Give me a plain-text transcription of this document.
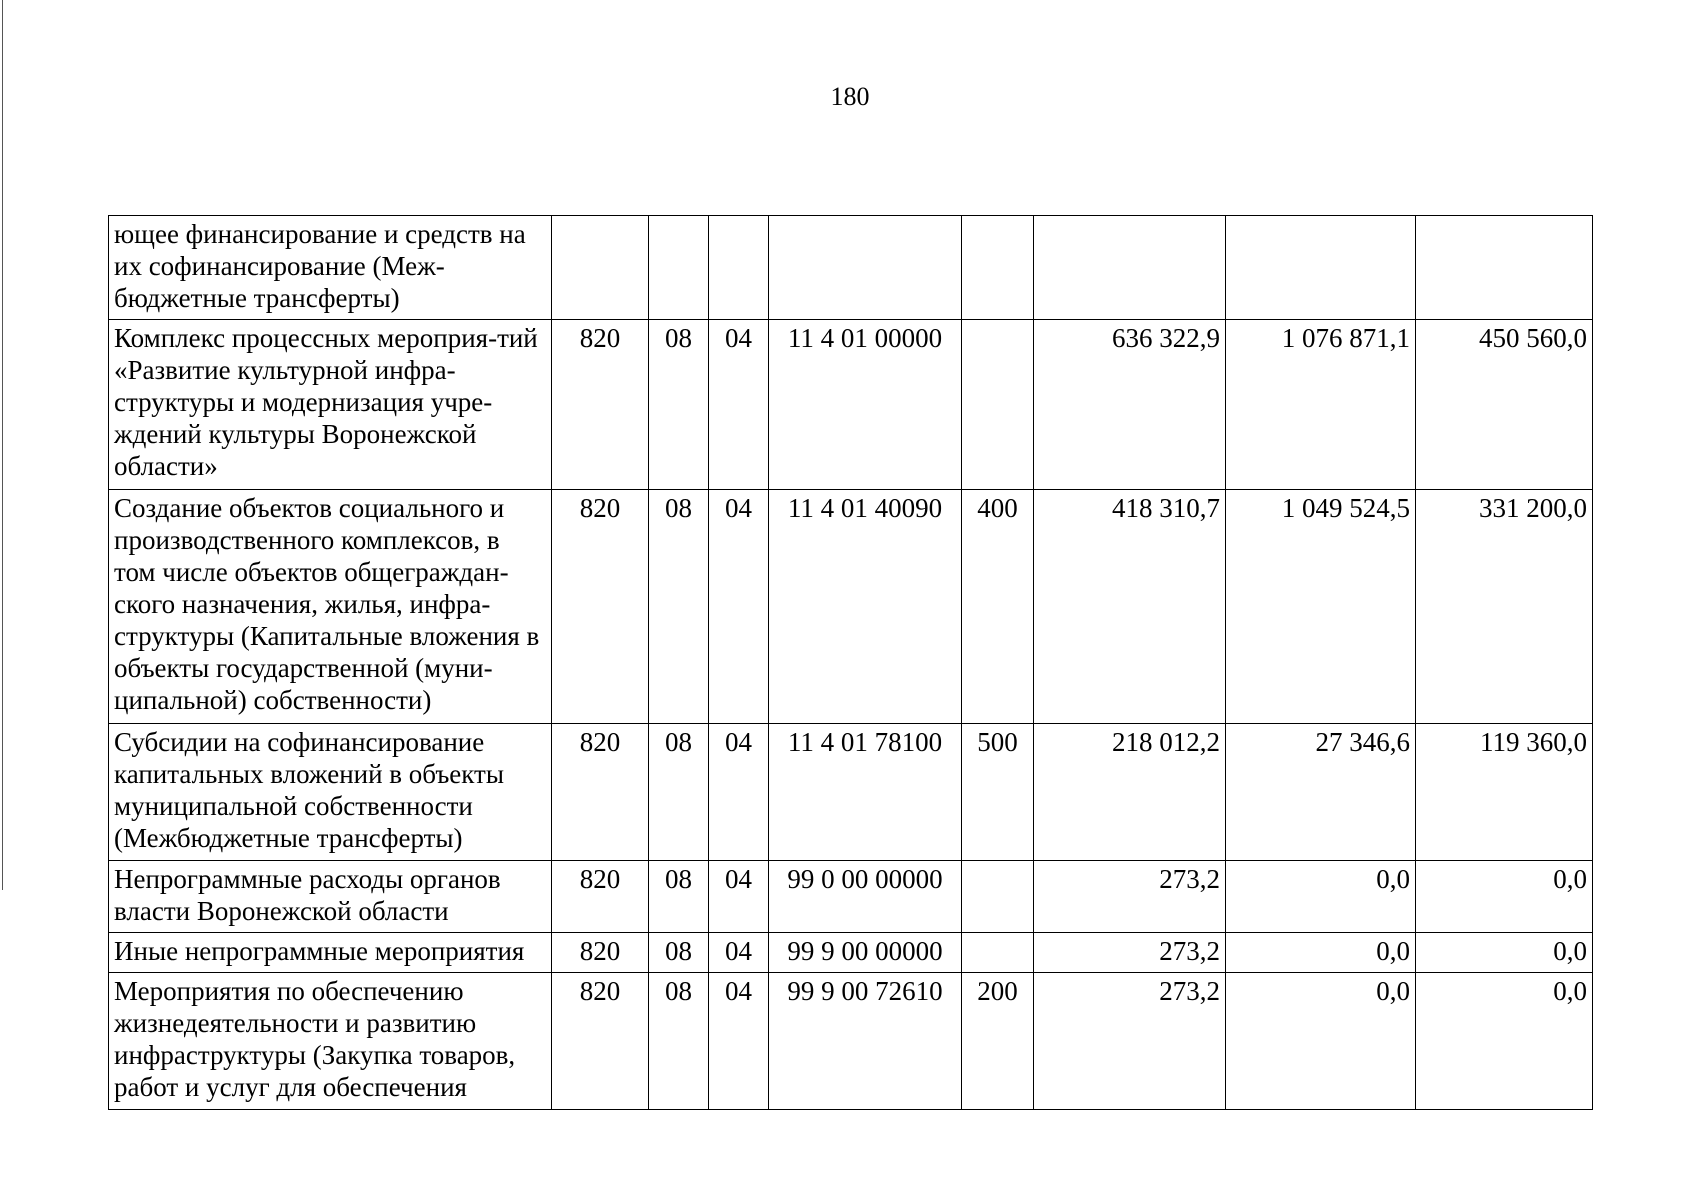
180
ющее финансирование и средств на их софинансирование (Меж-бюджетные трансферты)								
Комплекс процессных мероприя-тий «Развитие культурной инфра-структуры и модернизация учре-ждений культуры Воронежской области»	820	08	04	11 4 01 00000		636 322,9	1 076 871,1	450 560,0
Создание объектов социального и производственного комплексов, в том числе объектов общеграждан-ского назначения, жилья, инфра-структуры (Капитальные вложения в объекты государственной (муни-ципальной) собственности)	820	08	04	11 4 01 40090	400	418 310,7	1 049 524,5	331 200,0
Субсидии на софинансирование капитальных вложений в объекты муниципальной собственности (Межбюджетные трансферты)	820	08	04	11 4 01 78100	500	218 012,2	27 346,6	119 360,0
Непрограммные расходы органов власти Воронежской области	820	08	04	99 0 00 00000		273,2	0,0	0,0
Иные непрограммные мероприятия	820	08	04	99 9 00 00000		273,2	0,0	0,0
Мероприятия по обеспечению жизнедеятельности и развитию инфраструктуры (Закупка товаров, работ и услуг для обеспечения	820	08	04	99 9 00 72610	200	273,2	0,0	0,0
